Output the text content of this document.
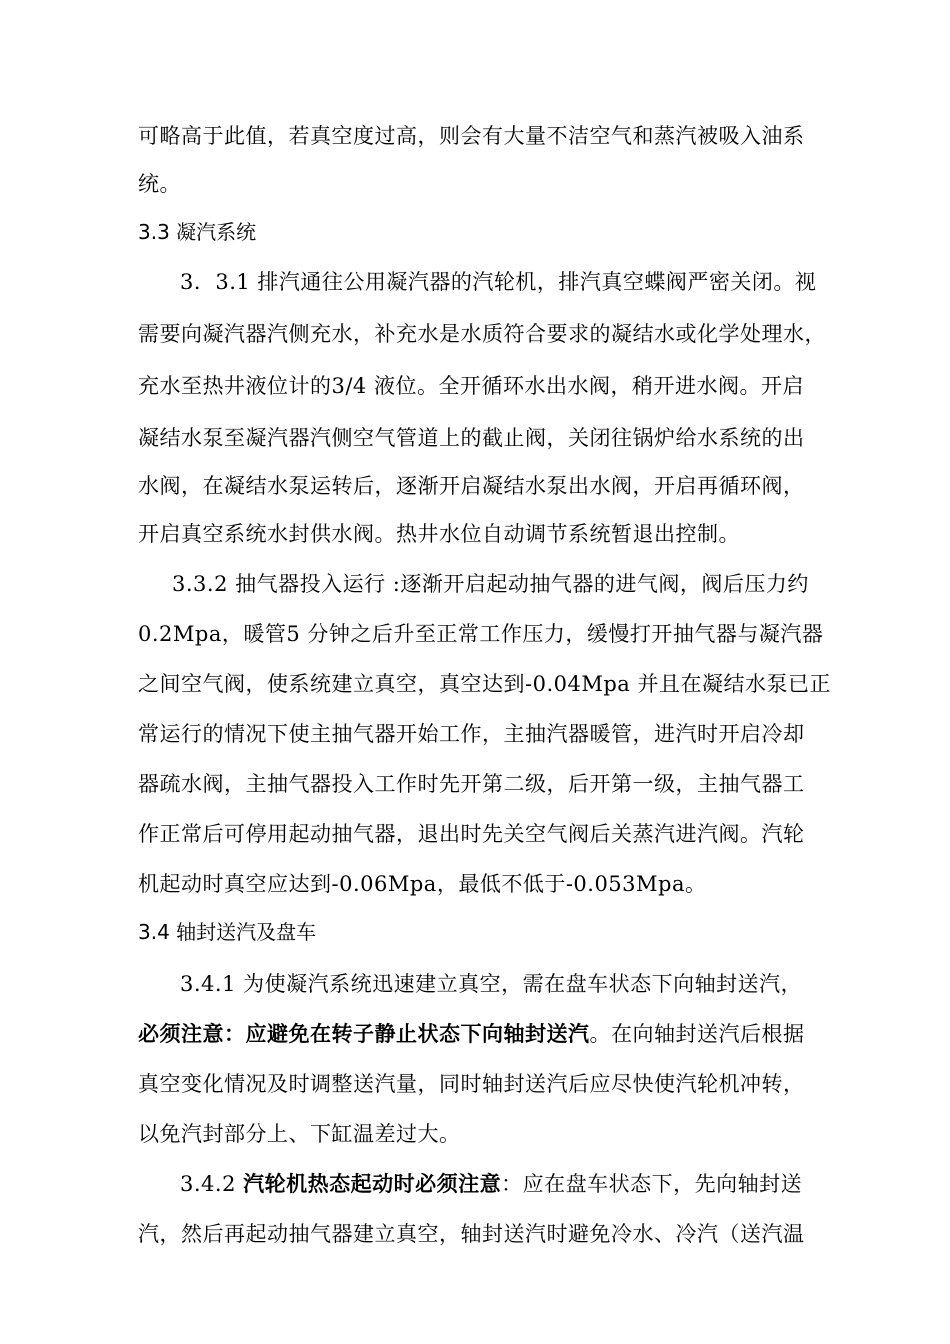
可略高于此值，若真空度过高，则会有大量不洁空气和蒸汽被吸入油系
统。
3.3 凝汽系统
3．3.1 排汽通往公用凝汽器的汽轮机，排汽真空蝶阀严密关闭。视
需要向凝汽器汽侧充水，补充水是水质符合要求的凝结水或化学处理水，
充水至热井液位计的3/4 液位。全开循环水出水阀，稍开进水阀。开启
凝结水泵至凝汽器汽侧空气管道上的截止阀，关闭往锅炉给水系统的出
水阀，在凝结水泵运转后，逐渐开启凝结水泵出水阀，开启再循环阀，
开启真空系统水封供水阀。热井水位自动调节系统暂退出控制。
3.3.2 抽气器投入运行 :逐渐开启起动抽气器的进气阀，阀后压力约
0.2Mpa，暖管5 分钟之后升至正常工作压力，缓慢打开抽气器与凝汽器
之间空气阀，使系统建立真空，真空达到-0.04Mpa 并且在凝结水泵已正
常运行的情况下使主抽气器开始工作，主抽汽器暖管，进汽时开启冷却
器疏水阀，主抽气器投入工作时先开第二级，后开第一级，主抽气器工
作正常后可停用起动抽气器，退出时先关空气阀后关蒸汽进汽阀。汽轮
机起动时真空应达到-0.06Mpa，最低不低于-0.053Mpa。
3.4 轴封送汽及盘车
3.4.1 为使凝汽系统迅速建立真空，需在盘车状态下向轴封送汽，
必须注意：应避免在转子静止状态下向轴封送汽。在向轴封送汽后根据
真空变化情况及时调整送汽量，同时轴封送汽后应尽快使汽轮机冲转，
以免汽封部分上、下缸温差过大。
3.4.2 汽轮机热态起动时必须注意：应在盘车状态下，先向轴封送
汽，然后再起动抽气器建立真空，轴封送汽时避免冷水、冷汽（送汽温
